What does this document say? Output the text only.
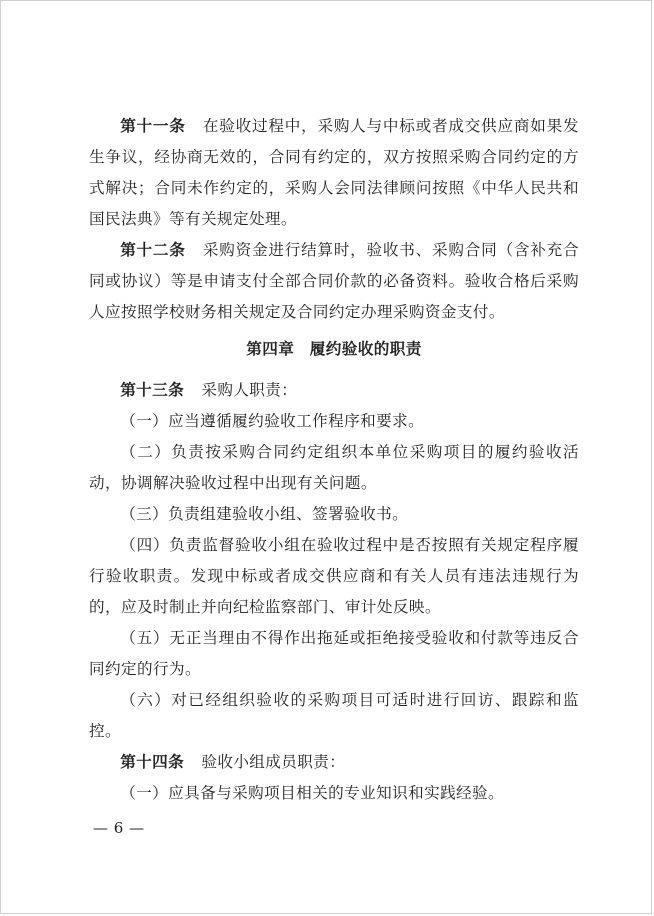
第十一条 在验收过程中，采购人与中标或者成交供应商如果发生争议，经协商无效的，合同有约定的，双方按照采购合同约定的方式解决；合同未作约定的，采购人会同法律顾问按照《中华人民共和国民法典》等有关规定处理。

第十二条 采购资金进行结算时，验收书、采购合同（含补充合同或协议）等是申请支付全部合同价款的必备资料。验收合格后采购人应按照学校财务相关规定及合同约定办理采购资金支付。

第四章 履约验收的职责

第十三条 采购人职责：

（一）应当遵循履约验收工作程序和要求。

（二）负责按采购合同约定组织本单位采购项目的履约验收活动，协调解决验收过程中出现有关问题。

（三）负责组建验收小组、签署验收书。

（四）负责监督验收小组在验收过程中是否按照有关规定程序履行验收职责。发现中标或者成交供应商和有关人员有违法违规行为的，应及时制止并向纪检监察部门、审计处反映。

（五）无正当理由不得作出拖延或拒绝接受验收和付款等违反合同约定的行为。

（六）对已经组织验收的采购项目可适时进行回访、跟踪和监控。

第十四条 验收小组成员职责：

（一）应具备与采购项目相关的专业知识和实践经验。

— 6 —
